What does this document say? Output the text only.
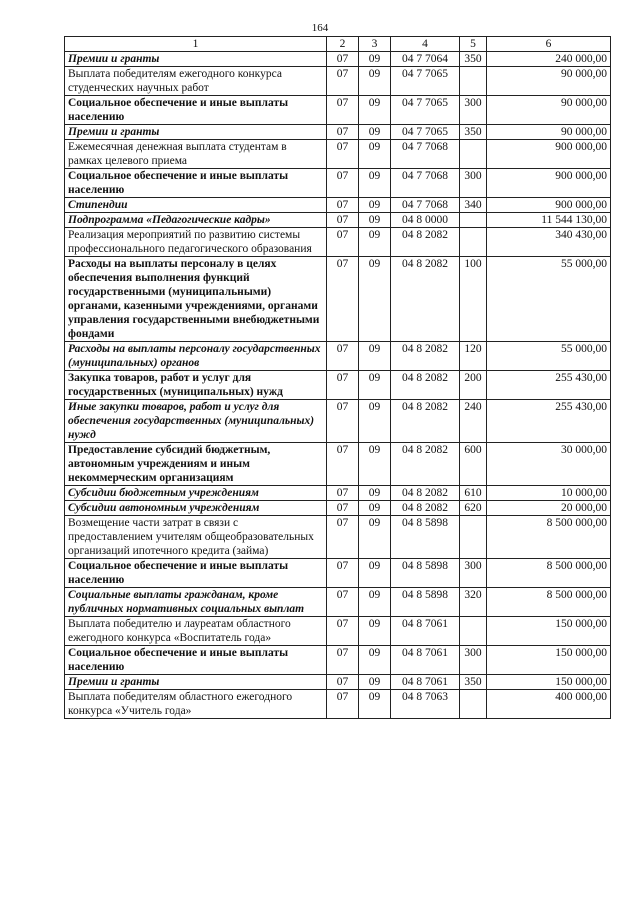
164
1	2	3	4	5	6
Премии и гранты	07	09	04 7 7064	350	240 000,00
Выплата победителям ежегодного конкурса студенческих научных работ	07	09	04 7 7065		90 000,00
Социальное обеспечение и иные выплаты населению	07	09	04 7 7065	300	90 000,00
Премии и гранты	07	09	04 7 7065	350	90 000,00
Ежемесячная денежная выплата студентам в рамках целевого приема	07	09	04 7 7068		900 000,00
Социальное обеспечение и иные выплаты населению	07	09	04 7 7068	300	900 000,00
Стипендии	07	09	04 7 7068	340	900 000,00
Подпрограмма «Педагогические кадры»	07	09	04 8 0000		11 544 130,00
Реализация мероприятий по развитию системы профессионального педагогического образования	07	09	04 8 2082		340 430,00
Расходы на выплаты персоналу в целях обеспечения выполнения функций государственными (муниципальными) органами, казенными учреждениями, органами управления государственными внебюджетными фондами	07	09	04 8 2082	100	55 000,00
Расходы на выплаты персоналу государственных (муниципальных) органов	07	09	04 8 2082	120	55 000,00
Закупка товаров, работ и услуг для государственных (муниципальных) нужд	07	09	04 8 2082	200	255 430,00
Иные закупки товаров, работ и услуг для обеспечения государственных (муниципальных) нужд	07	09	04 8 2082	240	255 430,00
Предоставление субсидий бюджетным, автономным учреждениям и иным некоммерческим организациям	07	09	04 8 2082	600	30 000,00
Субсидии бюджетным учреждениям	07	09	04 8 2082	610	10 000,00
Субсидии автономным учреждениям	07	09	04 8 2082	620	20 000,00
Возмещение части затрат в связи с предоставлением учителям общеобразовательных организаций ипотечного кредита (займа)	07	09	04 8 5898		8 500 000,00
Социальное обеспечение и иные выплаты населению	07	09	04 8 5898	300	8 500 000,00
Социальные выплаты гражданам, кроме публичных нормативных социальных выплат	07	09	04 8 5898	320	8 500 000,00
Выплата победителю и лауреатам областного ежегодного конкурса «Воспитатель года»	07	09	04 8 7061		150 000,00
Социальное обеспечение и иные выплаты населению	07	09	04 8 7061	300	150 000,00
Премии и гранты	07	09	04 8 7061	350	150 000,00
Выплата победителям областного ежегодного конкурса «Учитель года»	07	09	04 8 7063		400 000,00
